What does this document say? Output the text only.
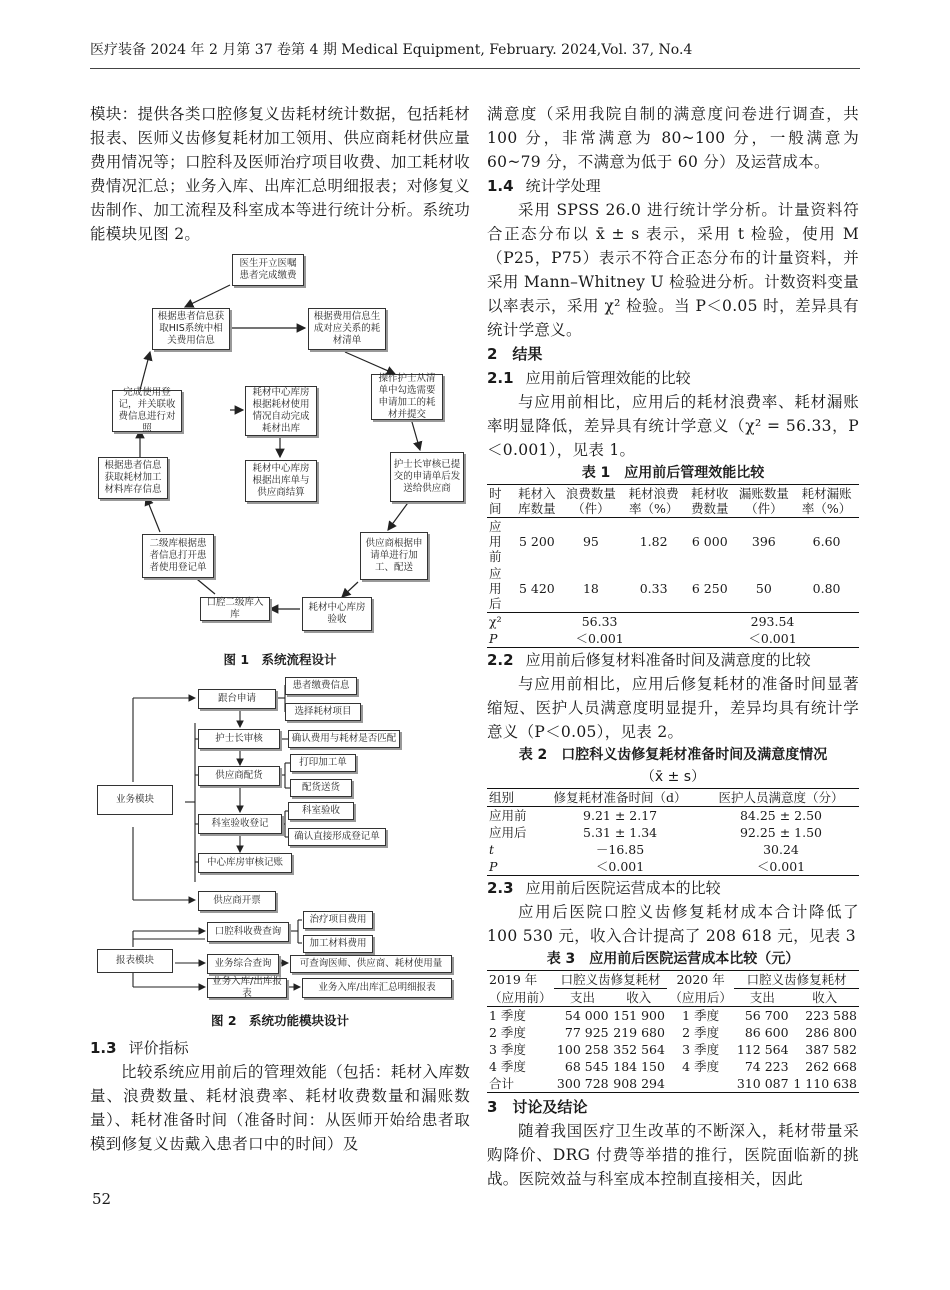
医疗装备 2024 年 2 月第 37 卷第 4 期 Medical Equipment, February. 2024,Vol. 37, No.4

模块：提供各类口腔修复义齿耗材统计数据，包括耗材报表、医师义齿修复耗材加工领用、供应商耗材供应量费用情况等；口腔科及医师治疗项目收费、加工耗材收费情况汇总；业务入库、出库汇总明细报表；对修复义齿制作、加工流程及科室成本等进行统计分析。系统功能模块见图 2。

医生开立医嘱患者完成缴费
根据患者信息获取HIS系统中相关费用信息
根据费用信息生成对应关系的耗材清单
操作护士从清单中勾选需要申请加工的耗材并提交
护士长审核已提交的申请单后发送给供应商
供应商根据申请单进行加工、配送
耗材中心库房验收
口腔二级库入库
二级库根据患者信息打开患者使用登记单
根据患者信息获取耗材加工材料库存信息
完成使用登记，并关联收费信息进行对照
耗材中心库房根据耗材使用情况自动完成耗材出库
耗材中心库房根据出库单与供应商结算
图 1　系统流程设计
业务模块
跟台申请
患者缴费信息
选择耗材项目
护士长审核	确认费用与耗材是否匹配
供应商配货
打印加工单
配货送货
科室验收登记
科室验收
确认直接形成登记单
中心库房审核记账
供应商开票
报表模块
口腔科收费查询
治疗项目费用
加工材料费用
业务综合查询	可查询医师、供应商、耗材使用量
业务入库/出库报表
业务入库/出库汇总明细报表
图 2　系统功能模块设计

1.3 评价指标

比较系统应用前后的管理效能（包括：耗材入库数量、浪费数量、耗材浪费率、耗材收费数量和漏账数量）、耗材准备时间（准备时间：从医师开始给患者取模到修复义齿戴入患者口中的时间）及

满意度（采用我院自制的满意度问卷进行调查，共 100 分，非常满意为 80~100 分，一般满意为 60~79 分，不满意为低于 60 分）及运营成本。

1.4 统计学处理

采用 SPSS 26.0 进行统计学分析。计量资料符合正态分布以 x̄ ± s 表示，采用 t 检验，使用 M（P25，P75）表示不符合正态分布的计量资料，并采用 Mann–Whitney U 检验进分析。计数资料变量以率表示，采用 χ² 检验。当 P＜0.05 时，差异具有统计学意义。

2　结果

2.1 应用前后管理效能的比较

与应用前相比，应用后的耗材浪费率、耗材漏账率明显降低，差异具有统计学意义（χ² = 56.33，P＜0.001），见表 1。

表 1　应用前后管理效能比较

时间	耗材入库数量	浪费数量（件）	耗材浪费率（%）	耗材收费数量	漏账数量（件）	耗材漏账率（%）
应用前	5 200	95	1.82	6 000	396	6.60
应用后	5 420	18	0.33	6 250	50	0.80
χ²	56.33			293.54		
P	＜0.001			＜0.001		

2.2 应用前后修复材料准备时间及满意度的比较

与应用前相比，应用后修复耗材的准备时间显著缩短、医护人员满意度明显提升，差异均具有统计学意义（P＜0.05），见表 2。

表 2　口腔科义齿修复耗材准备时间及满意度情况

（x̄ ± s）

组别	修复耗材准备时间（d）	医护人员满意度（分）
应用前	9.21 ± 2.17	84.25 ± 2.50
应用后	5.31 ± 1.34	92.25 ± 1.50
t	－16.85	30.24
P	＜0.001	＜0.001

2.3 应用前后医院运营成本的比较

应用后医院口腔义齿修复耗材成本合计降低了 100 530 元，收入合计提高了 208 618 元，见表 3

表 3　应用前后医院运营成本比较（元）

2019 年	口腔义齿修复耗材		2020 年	口腔义齿修复耗材	
（应用前）	支出	收入	（应用后）	支出	收入
1 季度	54 000	151 900	1 季度	56 700	223 588
2 季度	77 925	219 680	2 季度	86 600	286 800
3 季度	100 258	352 564	3 季度	112 564	387 582
4 季度	68 545	184 150	4 季度	74 223	262 668
合计	300 728	908 294		310 087	1 110 638

3　讨论及结论

随着我国医疗卫生改革的不断深入，耗材带量采购降价、DRG 付费等举措的推行，医院面临新的挑战。医院效益与科室成本控制直接相关，因此

52
